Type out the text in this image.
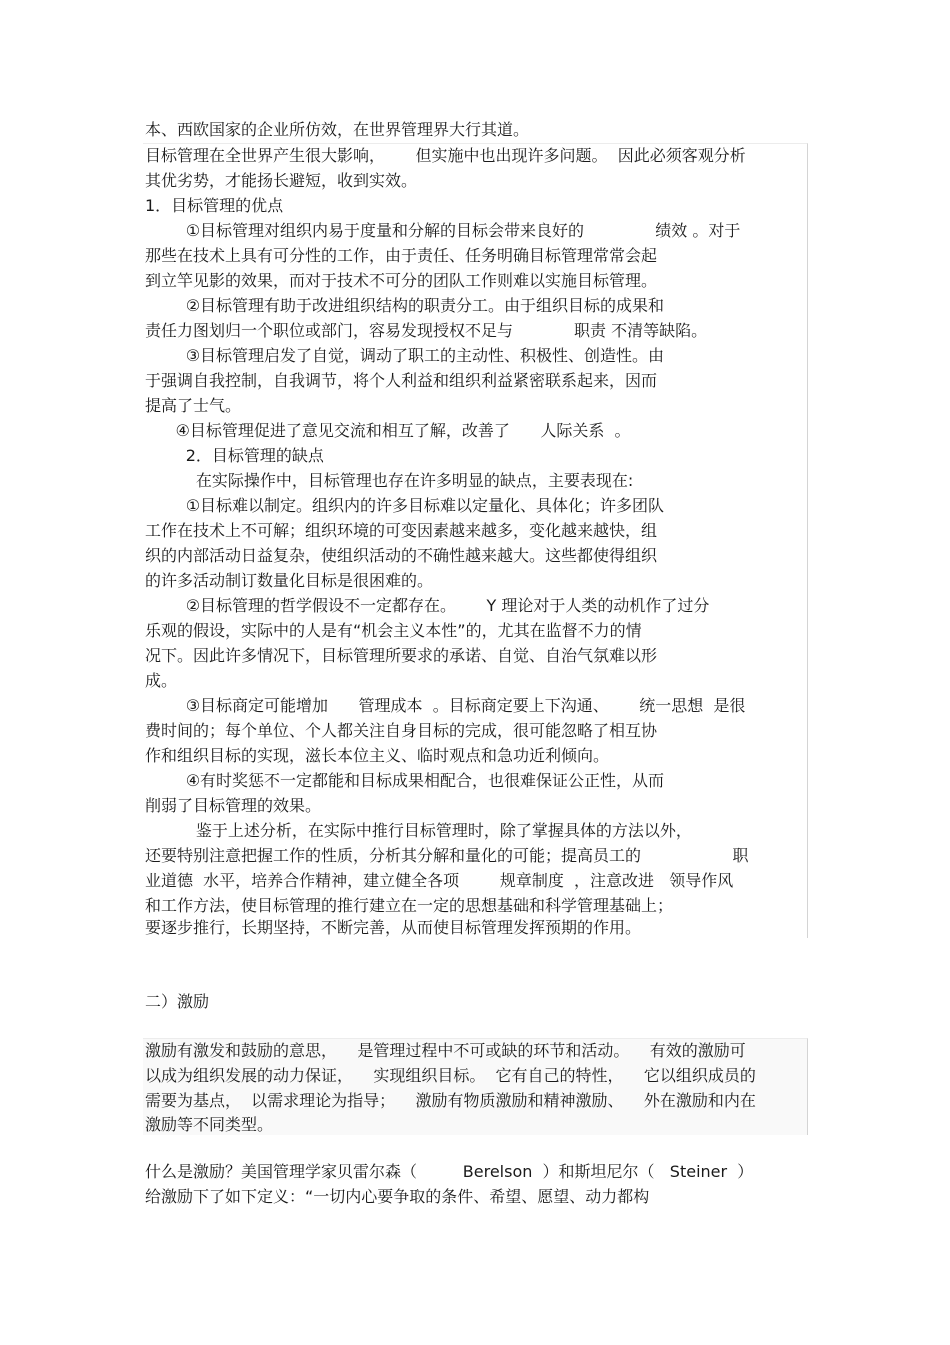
本、西欧国家的企业所仿效，在世界管理界大行其道。
目标管理在全世界产生很大影响，      但实施中也出现许多问题。  因此必须客观分析
其优劣势，才能扬长避短，收到实效。
1．目标管理的优点
①目标管理对组织内易于度量和分解的目标会带来良好的              绩效 。对于
那些在技术上具有可分性的工作，由于责任、任务明确目标管理常常会起
到立竿见影的效果，而对于技术不可分的团队工作则难以实施目标管理。
②目标管理有助于改进组织结构的职责分工。由于组织目标的成果和
责任力图划归一个职位或部门，容易发现授权不足与            职责 不清等缺陷。
③目标管理启发了自觉，调动了职工的主动性、积极性、创造性。由
于强调自我控制，自我调节，将个人利益和组织利益紧密联系起来，因而
提高了士气。
④目标管理促进了意见交流和相互了解，改善了      人际关系  。
2．目标管理的缺点
在实际操作中，目标管理也存在许多明显的缺点，主要表现在:
①目标难以制定。组织内的许多目标难以定量化、具体化；许多团队
工作在技术上不可解；组织环境的可变因素越来越多，变化越来越快，组
织的内部活动日益复杂，使组织活动的不确性越来越大。这些都使得组织
的许多活动制订数量化目标是很困难的。
②目标管理的哲学假设不一定都存在。      Y 理论对于人类的动机作了过分
乐观的假设，实际中的人是有“机会主义本性”的，尤其在监督不力的情
况下。因此许多情况下，目标管理所要求的承诺、自觉、自治气氛难以形
成。
③目标商定可能增加      管理成本  。目标商定要上下沟通、      统一思想  是很
费时间的；每个单位、个人都关注自身目标的完成，很可能忽略了相互协
作和组织目标的实现，滋长本位主义、临时观点和急功近利倾向。
④有时奖惩不一定都能和目标成果相配合，也很难保证公正性，从而
削弱了目标管理的效果。
鉴于上述分析，在实际中推行目标管理时，除了掌握具体的方法以外，
还要特别注意把握工作的性质，分析其分解和量化的可能；提高员工的                  职
业道德  水平，培养合作精神，建立健全各项        规章制度  ，注意改进   领导作风
和工作方法，使目标管理的推行建立在一定的思想基础和科学管理基础上；
要逐步推行，长期坚持，不断完善，从而使目标管理发挥预期的作用。
二）激励
激励有激发和鼓励的意思，    是管理过程中不可或缺的环节和活动。    有效的激励可
以成为组织发展的动力保证，    实现组织目标。  它有自己的特性，    它以组织成员的
需要为基点，  以需求理论为指导；    激励有物质激励和精神激励、    外在激励和内在
激励等不同类型。
什么是激励？美国管理学家贝雷尔森（         Berelson  ）和斯坦尼尔（   Steiner  ）
给激励下了如下定义：“一切内心要争取的条件、希望、愿望、动力都构
